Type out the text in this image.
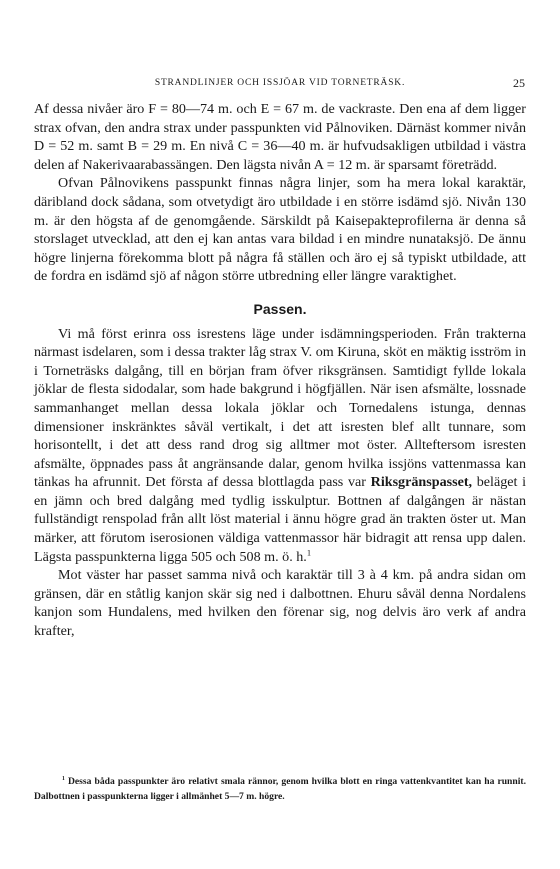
STRANDLINJER OCH ISSJÖAR VID TORNETRÄSK.	25

Af dessa nivåer äro F = 80—74 m. och E = 67 m. de vackraste. Den ena af dem ligger strax ofvan, den andra strax under passpunkten vid Pålnoviken. Därnäst kommer nivån D = 52 m. samt B = 29 m. En nivå C = 36—40 m. är hufvudsakligen utbildad i västra delen af Nakerivaarabassängen. Den lägsta nivån A = 12 m. är sparsamt företrädd.

Ofvan Pålnovikens passpunkt finnas några linjer, som ha mera lokal karaktär, däribland dock sådana, som otvetydigt äro utbildade i en större isdämd sjö. Nivån 130 m. är den högsta af de genomgående. Särskildt på Kaisepakteprofilerna är denna så storslaget utvecklad, att den ej kan antas vara bildad i en mindre nunataksjö. De ännu högre linjerna förekomma blott på några få ställen och äro ej så typiskt utbildade, att de fordra en isdämd sjö af någon större utbredning eller längre varaktighet.

Passen.

Vi må först erinra oss isrestens läge under isdämningsperioden. Från trakterna närmast isdelaren, som i dessa trakter låg strax V. om Kiruna, sköt en mäktig isström in i Torneträsks dalgång, till en början fram öfver riksgränsen. Samtidigt fyllde lokala jöklar de flesta sidodalar, som hade bakgrund i högfjällen. När isen afsmälte, lossnade sammanhanget mellan dessa lokala jöklar och Tornedalens istunga, dennas dimensioner inskränktes såväl vertikalt, i det att isresten blef allt tunnare, som horisontellt, i det att dess rand drog sig alltmer mot öster. Allteftersom isresten afsmälte, öppnades pass åt angränsande dalar, genom hvilka issjöns vattenmassa kan tänkas ha afrunnit. Det första af dessa blottlagda pass var Riksgränspasset, beläget i en jämn och bred dalgång med tydlig isskulptur. Bottnen af dalgången är nästan fullständigt renspolad från allt löst material i ännu högre grad än trakten öster ut. Man märker, att förutom iserosionen väldiga vattenmassor här bidragit att rensa upp dalen. Lägsta passpunkterna ligga 505 och 508 m. ö. h.$^1$

Mot väster har passet samma nivå och karaktär till 3 à 4 km. på andra sidan om gränsen, där en ståtlig kanjon skär sig ned i dalbottnen. Ehuru såväl denna Nordalens kanjon som Hundalens, med hvilken den förenar sig, nog delvis äro verk af andra krafter,

$^1$ Dessa båda passpunkter äro relativt smala rännor, genom hvilka blott en ringa vattenkvantitet kan ha runnit. Dalbottnen i passpunkterna ligger i allmänhet 5—7 m. högre.
